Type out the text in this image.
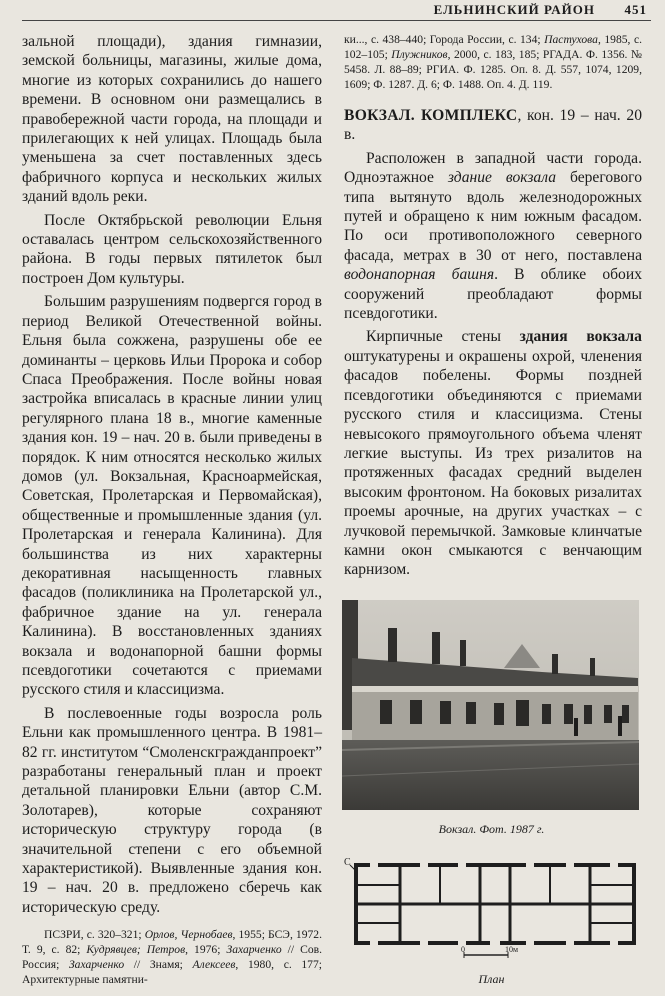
ЕЛЬНИНСКИЙ РАЙОН 451

зальной площади), здания гимназии, земской больницы, магазины, жилые дома, многие из которых сохранились до нашего времени. В основном они размещались в правобережной части города, на площади и прилегающих к ней улицах. Площадь была уменьшена за счет поставленных здесь фабричного корпуса и нескольких жилых зданий вдоль реки.

После Октябрьской революции Ельня оставалась центром сельскохозяйственного района. В годы первых пятилеток был построен Дом культуры.

Большим разрушениям подвергся город в период Великой Отечественной войны. Ельня была сожжена, разрушены обе ее доминанты – церковь Ильи Пророка и собор Спаса Преображения. После войны новая застройка вписалась в красные линии улиц регулярного плана 18 в., многие каменные здания кон. 19 – нач. 20 в. были приведены в порядок. К ним относятся несколько жилых домов (ул. Вокзальная, Красноармейская, Советская, Пролетарская и Первомайская), общественные и промышленные здания (ул. Пролетарская и генерала Калинина). Для большинства из них характерны декоративная насыщенность главных фасадов (поликлиника на Пролетарской ул., фабричное здание на ул. генерала Калинина). В восстановленных зданиях вокзала и водонапорной башни формы псевдоготики сочетаются с приемами русского стиля и классицизма.

В послевоенные годы возросла роль Ельни как промышленного центра. В 1981–82 гг. институтом “Смоленскгражданпроект” разработаны генеральный план и проект детальной планировки Ельни (автор С.М. Золотарев), которые сохраняют историческую структуру города (в значительной степени с его объемной характеристикой). Выявленные здания кон. 19 – нач. 20 в. предложено сберечь как историческую среду.

ПСЗРИ, с. 320–321; Орлов, Чернобаев, 1955; БСЭ, 1972. Т. 9, с. 82; Кудрявцев; Петров, 1976; Захарченко // Сов. Россия; Захарченко // Знамя; Алексеев, 1980, с. 177; Архитектурные памятни-

ки..., с. 438–440; Города России, с. 134; Пастухова, 1985, с. 102–105; Плужников, 2000, с. 183, 185; РГАДА. Ф. 1356. № 5458. Л. 88–89; РГИА. Ф. 1285. Оп. 8. Д. 557, 1074, 1209, 1609; Ф. 1287. Д. 6; Ф. 1488. Оп. 4. Д. 119.

ВОКЗАЛ. КОМПЛЕКС, кон. 19 – нач. 20 в.

Расположен в западной части города. Одноэтажное здание вокзала берегового типа вытянуто вдоль железнодорожных путей и обращено к ним южным фасадом. По оси противоположного северного фасада, метрах в 30 от него, поставлена водонапорная башня. В облике обоих сооружений преобладают формы псевдоготики.

Кирпичные стены здания вокзала оштукатурены и окрашены охрой, членения фасадов побелены. Формы поздней псевдоготики объединяются с приемами русского стиля и классицизма. Стены невысокого прямоугольного объема членят легкие выступы. Из трех ризалитов на протяженных фасадах средний выделен высоким фронтоном. На боковых ризалитах проемы арочные, на других участках – с лучковой перемычкой. Замковые клинчатые камни окон смыкаются с венчающим карнизом.

Вокзал. Фот. 1987 г.
С
0	10м
План
